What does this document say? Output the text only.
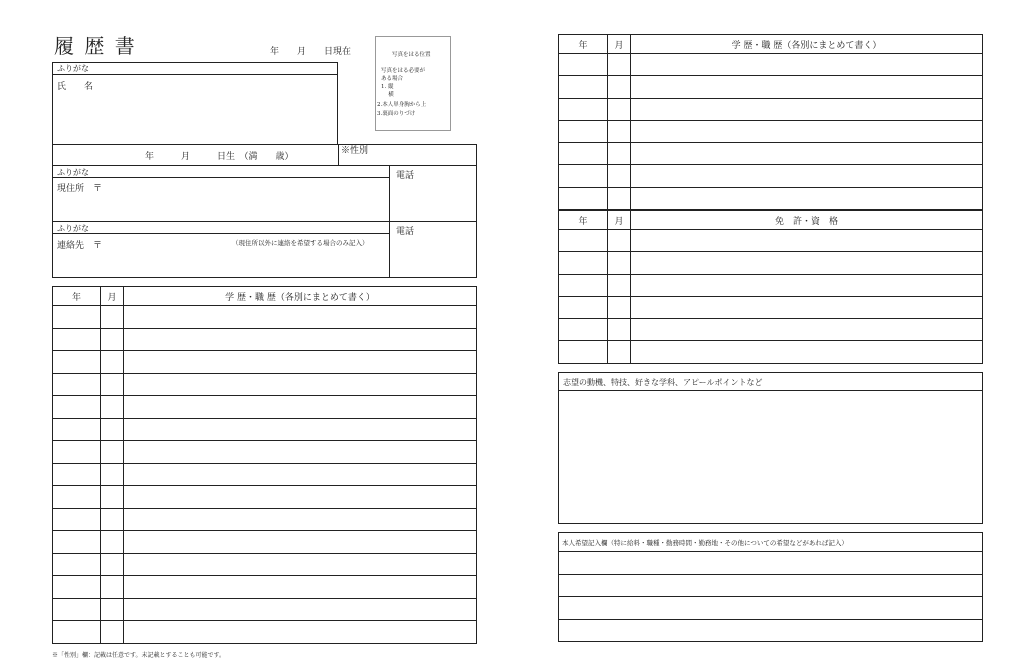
履 歴 書	年　　月　　日現在	写真をはる位置
写真をはる必要が
ある場合
1. 縦
　 横
2.本人単身胸から上
3.裏面のりづけ
ふりがな
氏　　名
年　　　月　　　日生　（満　　歳）
※性別
ふりがな
現住所　〒
電話
ふりがな
連絡先　〒	（現住所以外に連絡を希望する場合のみ記入）
電話
年	月	学 歴・職 歴（各別にまとめて書く）

※「性別」欄：記載は任意です。未記載とすることも可能です。
年	月	学 歴・職 歴（各別にまとめて書く）

年	月	免　許・資　格

志望の動機、特技、好きな学科、アピールポイントなど
本人希望記入欄（特に給料・職種・勤務時間・勤務地・その他についての希望などがあれば記入）
